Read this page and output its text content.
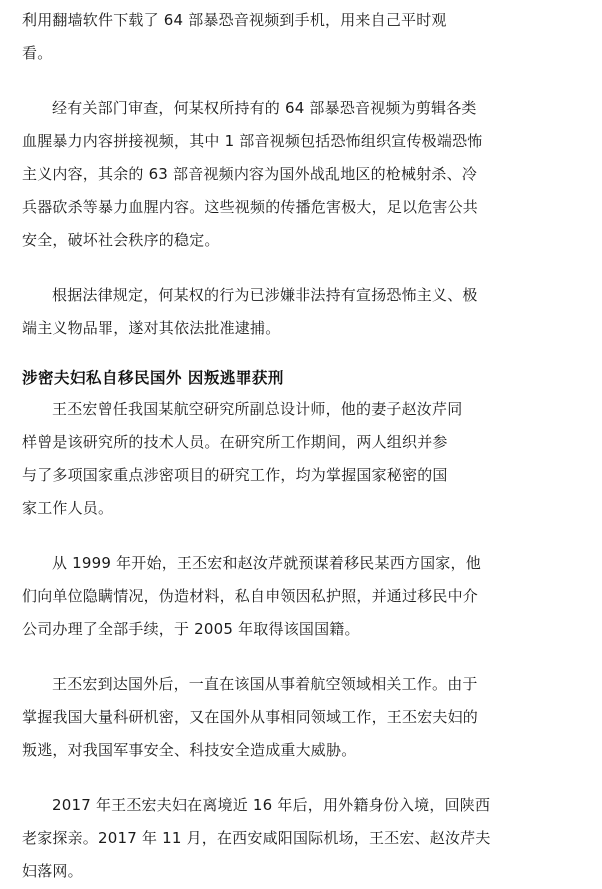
利用翻墙软件下载了 64 部暴恐音视频到手机，用来自己平时观
看。
经有关部门审查，何某权所持有的 64 部暴恐音视频为剪辑各类
血腥暴力内容拼接视频，其中 1 部音视频包括恐怖组织宣传极端恐怖
主义内容，其余的 63 部音视频内容为国外战乱地区的枪械射杀、冷
兵器砍杀等暴力血腥内容。这些视频的传播危害极大，足以危害公共
安全，破坏社会秩序的稳定。
根据法律规定，何某权的行为已涉嫌非法持有宣扬恐怖主义、极
端主义物品罪，遂对其依法批准逮捕。
涉密夫妇私自移民国外 因叛逃罪获刑
王丕宏曾任我国某航空研究所副总设计师，他的妻子赵汝芹同
样曾是该研究所的技术人员。在研究所工作期间，两人组织并参
与了多项国家重点涉密项目的研究工作，均为掌握国家秘密的国
家工作人员。
从 1999 年开始，王丕宏和赵汝芹就预谋着移民某西方国家，他
们向单位隐瞒情况，伪造材料，私自申领因私护照，并通过移民中介
公司办理了全部手续，于 2005 年取得该国国籍。
王丕宏到达国外后，一直在该国从事着航空领域相关工作。由于
掌握我国大量科研机密，又在国外从事相同领域工作，王丕宏夫妇的
叛逃，对我国军事安全、科技安全造成重大威胁。
2017 年王丕宏夫妇在离境近 16 年后，用外籍身份入境，回陕西
老家探亲。2017 年 11 月，在西安咸阳国际机场，王丕宏、赵汝芹夫
妇落网。
